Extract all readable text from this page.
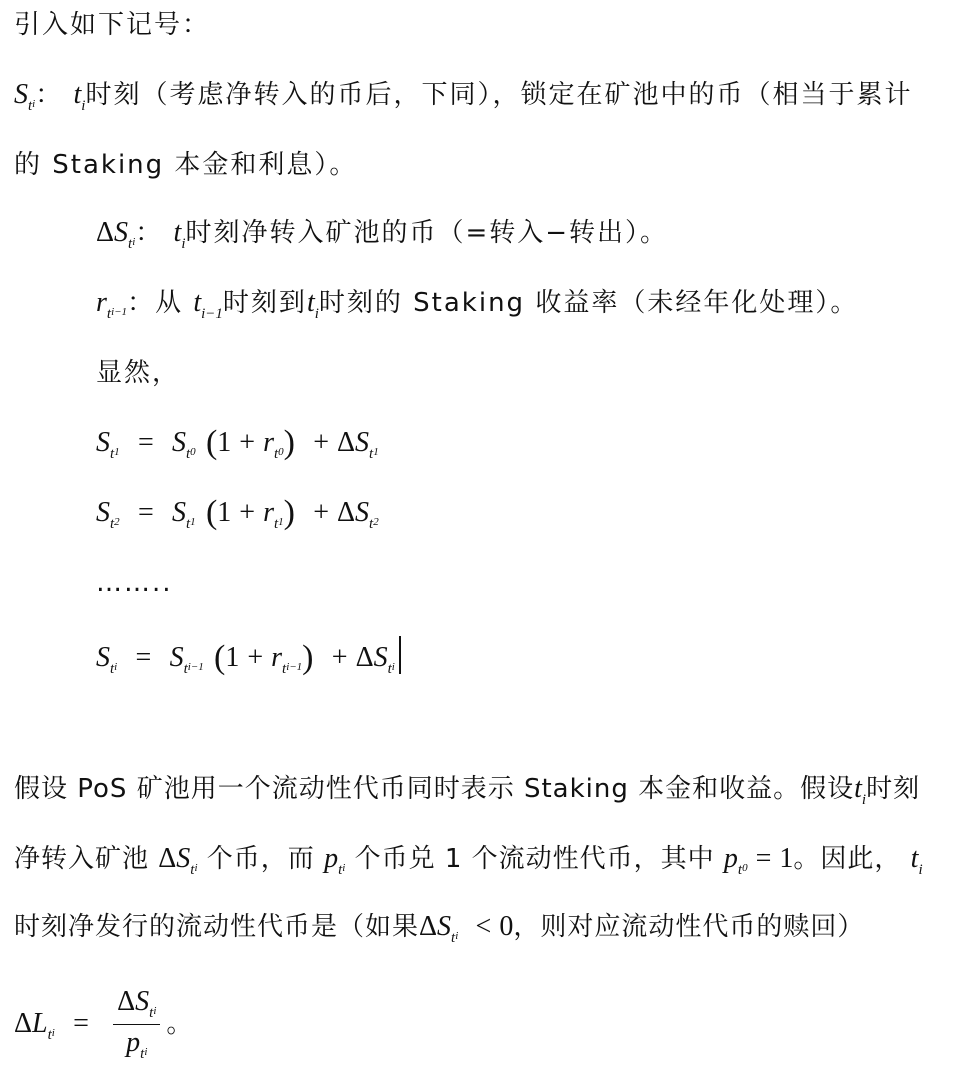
引入如下记号：
$S_ti$： $t_i$时刻（考虑净转入的币后，下同），锁定在矿池中的币（相当于累计
的 Staking 本金和利息）。
$\Delta S_ti$： $t_i$时刻净转入矿池的币（=转入−转出）。
$r_ti-1$：从 $t_{i-1}$时刻到$t_i$时刻的 Staking 收益率（未经年化处理）。
显然，
$S_t1 = S_t0$ $(1 + r_t0) + \Delta S_t1$
$S_t2 = S_t1$ $(1 + r_t1) + \Delta S_t2$
……..
$S_ti = S_ti-1$ $(1 + r_ti-1) + \Delta S_ti$
假设 PoS 矿池用一个流动性代币同时表示 Staking 本金和收益。假设$t_i$时刻
净转入矿池 $\Delta S_ti$ 个币，而 $p_ti$ 个币兑 1 个流动性代币，其中 $p_t0 = 1$。因此， $t_i$
时刻净发行的流动性代币是（如果$\Delta S_ti < 0$，则对应流动性代币的赎回）
$\Delta L_ti = \frac{\Delta S_ti}{p_ti}$ 。
